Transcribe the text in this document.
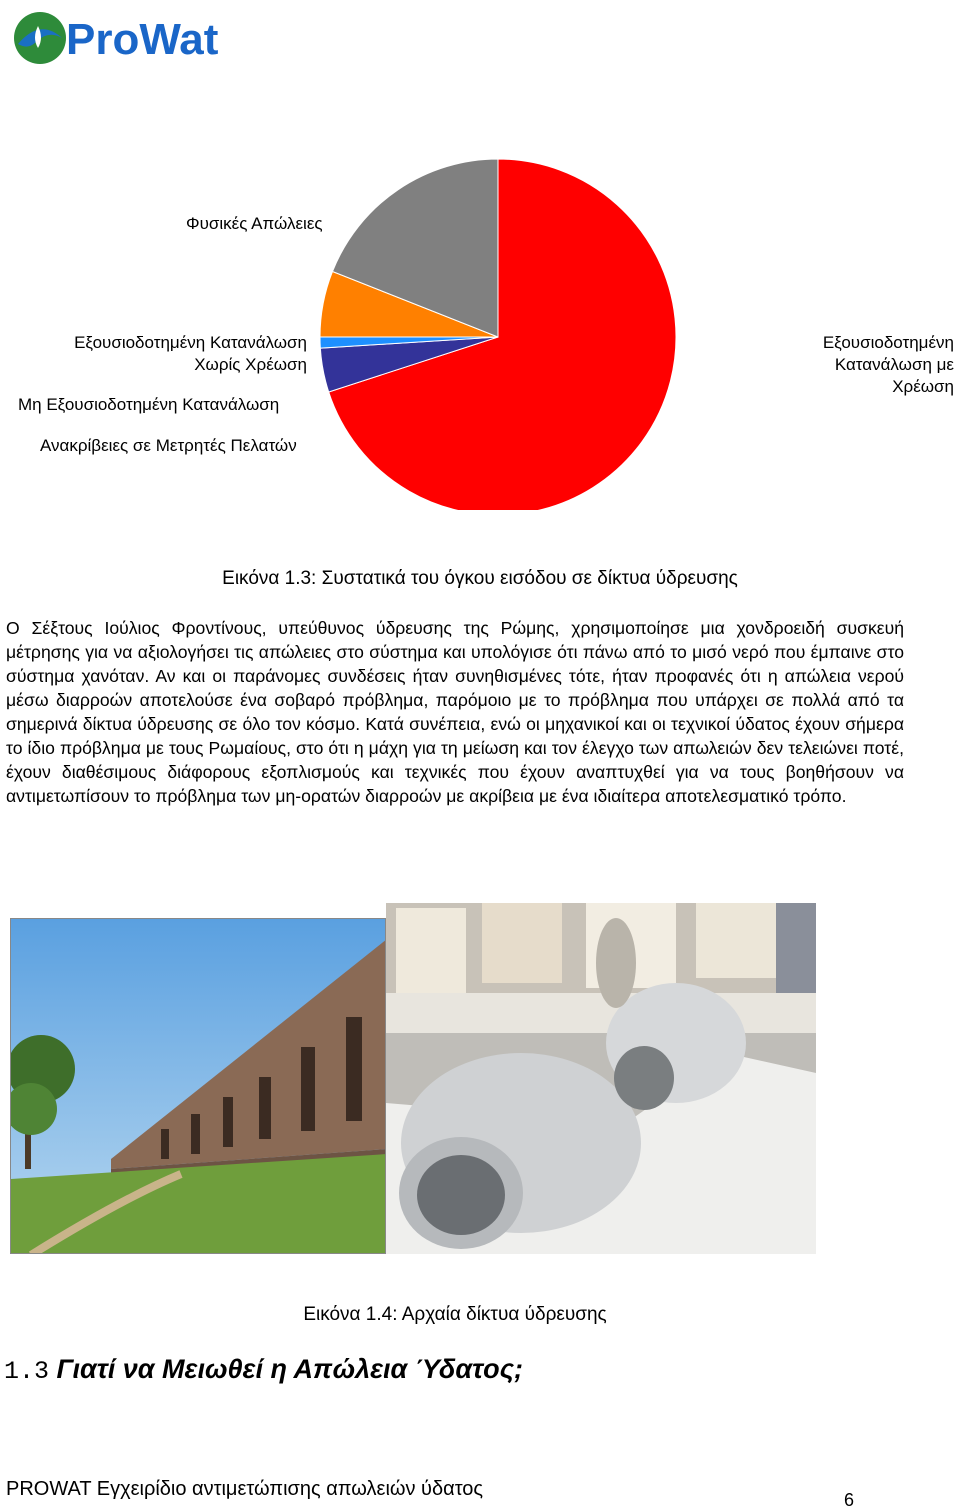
ProWat
Φυσικές Απώλειες
Εξουσιοδοτημένη Κατανάλωση
Χωρίς Χρέωση
Μη Εξουσιοδοτημένη Κατανάλωση
Ανακρίβειες σε Μετρητές Πελατών
Εξουσιοδοτημένη
Κατανάλωση με
Χρέωση
Εικόνα 1.3: Συστατικά του όγκου εισόδου σε δίκτυα ύδρευσης

Ο Σέξτους Ιούλιος Φροντίνους, υπεύθυνος ύδρευσης της Ρώμης, χρησιμοποίησε μια χονδροειδή συσκευή μέτρησης για να αξιολογήσει τις απώλειες στο σύστημα και υπολόγισε ότι πάνω από το μισό νερό που έμπαινε στο σύστημα χανόταν. Αν και οι παράνομες συνδέσεις ήταν συνηθισμένες τότε, ήταν προφανές ότι η απώλεια νερού μέσω διαρροών αποτελούσε ένα σοβαρό πρόβλημα, παρόμοιο με το πρόβλημα που υπάρχει σε πολλά από τα σημερινά δίκτυα ύδρευσης σε όλο τον κόσμο. Κατά συνέπεια, ενώ οι μηχανικοί και οι τεχνικοί ύδατος έχουν σήμερα το ίδιο πρόβλημα με τους Ρωμαίους, στο ότι η μάχη για τη μείωση και τον έλεγχο των απωλειών δεν τελειώνει ποτέ, έχουν διαθέσιμους διάφορους εξοπλισμούς και τεχνικές που έχουν αναπτυχθεί για να τους βοηθήσουν να αντιμετωπίσουν το πρόβλημα των μη-ορατών διαρροών με ακρίβεια με ένα ιδιαίτερα αποτελεσματικό τρόπο.

Εικόνα 1.4: Αρχαία δίκτυα ύδρευσης
1.3 Γιατί να Μειωθεί η Απώλεια Ύδατος;
PROWAT Εγχειρίδιο αντιμετώπισης απωλειών ύδατος	6
